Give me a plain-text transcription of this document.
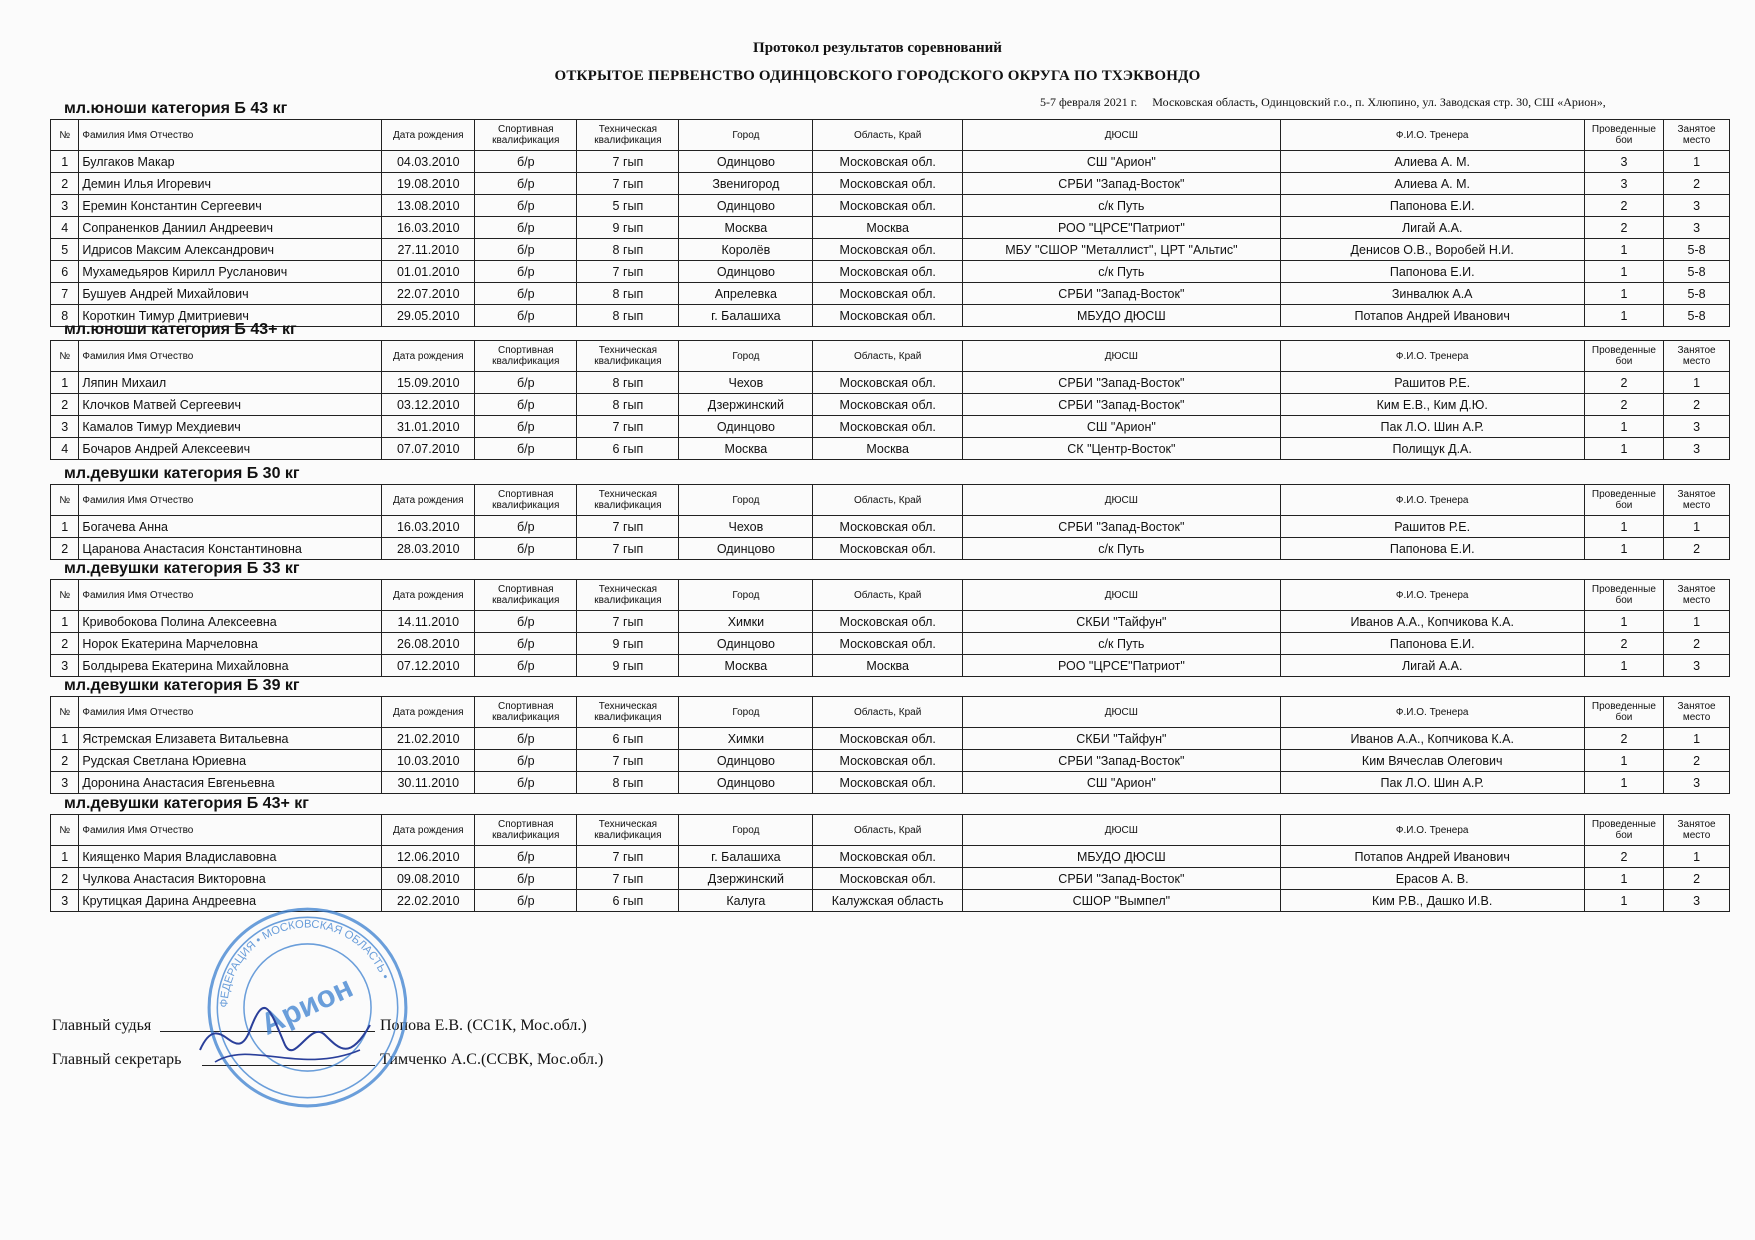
Протокол результатов соревнований
ОТКРЫТОЕ ПЕРВЕНСТВО ОДИНЦОВСКОГО ГОРОДСКОГО ОКРУГА ПО ТХЭКВОНДО
5-7 февраля 2021 г. Московская область, Одинцовский г.о., п. Хлюпино, ул. Заводская стр. 30, СШ «Арион»,
мл.юноши категория Б 43 кг
№	Фамилия Имя Отчество	Дата рождения	Спортивная квалификация	Техническая квалификация	Город	Область, Край	ДЮСШ	Ф.И.О. Тренера	Проведенные бои	Занятое место
1	Булгаков Макар	04.03.2010	б/р	7 гып	Одинцово	Московская обл.	СШ "Арион"	Алиева А. М.	3	1
2	Демин Илья Игоревич	19.08.2010	б/р	7 гып	Звенигород	Московская обл.	СРБИ "Запад-Восток"	Алиева А. М.	3	2
3	Еремин Константин Сергеевич	13.08.2010	б/р	5 гып	Одинцово	Московская обл.	с/к Путь	Папонова Е.И.	2	3
4	Сопраненков Даниил Андреевич	16.03.2010	б/р	9 гып	Москва	Москва	РОО "ЦРСЕ"Патриот"	Лигай А.А.	2	3
5	Идрисов Максим Александрович	27.11.2010	б/р	8 гып	Королёв	Московская обл.	МБУ "СШОР "Металлист", ЦРТ "Альтис"	Денисов О.В., Воробей Н.И.	1	5-8
6	Мухамедьяров Кирилл Русланович	01.01.2010	б/р	7 гып	Одинцово	Московская обл.	с/к Путь	Папонова Е.И.	1	5-8
7	Бушуев Андрей Михайлович	22.07.2010	б/р	8 гып	Апрелевка	Московская обл.	СРБИ "Запад-Восток"	Зинвалюк А.А	1	5-8
8	Короткин Тимур Дмитриевич	29.05.2010	б/р	8 гып	г. Балашиха	Московская обл.	МБУДО ДЮСШ	Потапов Андрей Иванович	1	5-8
мл.юноши категория Б 43+ кг
№	Фамилия Имя Отчество	Дата рождения	Спортивная квалификация	Техническая квалификация	Город	Область, Край	ДЮСШ	Ф.И.О. Тренера	Проведенные бои	Занятое место
1	Ляпин Михаил	15.09.2010	б/р	8 гып	Чехов	Московская обл.	СРБИ "Запад-Восток"	Рашитов Р.Е.	2	1
2	Клочков Матвей Сергеевич	03.12.2010	б/р	8 гып	Дзержинский	Московская обл.	СРБИ "Запад-Восток"	Ким Е.В., Ким Д.Ю.	2	2
3	Камалов Тимур Мехдиевич	31.01.2010	б/р	7 гып	Одинцово	Московская обл.	СШ "Арион"	Пак Л.О. Шин А.Р.	1	3
4	Бочаров Андрей Алексеевич	07.07.2010	б/р	6 гып	Москва	Москва	СК "Центр-Восток"	Полищук Д.А.	1	3
мл.девушки категория Б 30 кг
№	Фамилия Имя Отчество	Дата рождения	Спортивная квалификация	Техническая квалификация	Город	Область, Край	ДЮСШ	Ф.И.О. Тренера	Проведенные бои	Занятое место
1	Богачева Анна	16.03.2010	б/р	7 гып	Чехов	Московская обл.	СРБИ "Запад-Восток"	Рашитов Р.Е.	1	1
2	Царанова Анастасия Константиновна	28.03.2010	б/р	7 гып	Одинцово	Московская обл.	с/к Путь	Папонова Е.И.	1	2
мл.девушки категория Б 33 кг
№	Фамилия Имя Отчество	Дата рождения	Спортивная квалификация	Техническая квалификация	Город	Область, Край	ДЮСШ	Ф.И.О. Тренера	Проведенные бои	Занятое место
1	Кривобокова Полина Алексеевна	14.11.2010	б/р	7 гып	Химки	Московская обл.	СКБИ "Тайфун"	Иванов А.А., Копчикова К.А.	1	1
2	Норок Екатерина Марчеловна	26.08.2010	б/р	9 гып	Одинцово	Московская обл.	с/к Путь	Папонова Е.И.	2	2
3	Болдырева Екатерина Михайловна	07.12.2010	б/р	9 гып	Москва	Москва	РОО "ЦРСЕ"Патриот"	Лигай А.А.	1	3
мл.девушки категория Б 39 кг
№	Фамилия Имя Отчество	Дата рождения	Спортивная квалификация	Техническая квалификация	Город	Область, Край	ДЮСШ	Ф.И.О. Тренера	Проведенные бои	Занятое место
1	Ястремская Елизавета Витальевна	21.02.2010	б/р	6 гып	Химки	Московская обл.	СКБИ "Тайфун"	Иванов А.А., Копчикова К.А.	2	1
2	Рудская Светлана Юриевна	10.03.2010	б/р	7 гып	Одинцово	Московская обл.	СРБИ "Запад-Восток"	Ким Вячеслав Олегович	1	2
3	Доронина Анастасия Евгеньевна	30.11.2010	б/р	8 гып	Одинцово	Московская обл.	СШ "Арион"	Пак Л.О. Шин А.Р.	1	3
мл.девушки категория Б 43+ кг
№	Фамилия Имя Отчество	Дата рождения	Спортивная квалификация	Техническая квалификация	Город	Область, Край	ДЮСШ	Ф.И.О. Тренера	Проведенные бои	Занятое место
1	Киященко Мария Владиславовна	12.06.2010	б/р	7 гып	г. Балашиха	Московская обл.	МБУДО ДЮСШ	Потапов Андрей Иванович	2	1
2	Чулкова Анастасия Викторовна	09.08.2010	б/р	7 гып	Дзержинский	Московская обл.	СРБИ "Запад-Восток"	Ерасов А. В.	1	2
3	Крутицкая Дарина Андреевна	22.02.2010	б/р	6 гып	Калуга	Калужская область	СШОР "Вымпел"	Ким Р.В., Дашко И.В.	1	3
Главный судья	Попова Е.В. (СС1К, Мос.обл.)
Главный секретарь	Тимченко А.С.(ССВК, Мос.обл.)
ФЕДЕРАЦИЯ • МОСКОВСКАЯ ОБЛАСТЬ •
Арион
